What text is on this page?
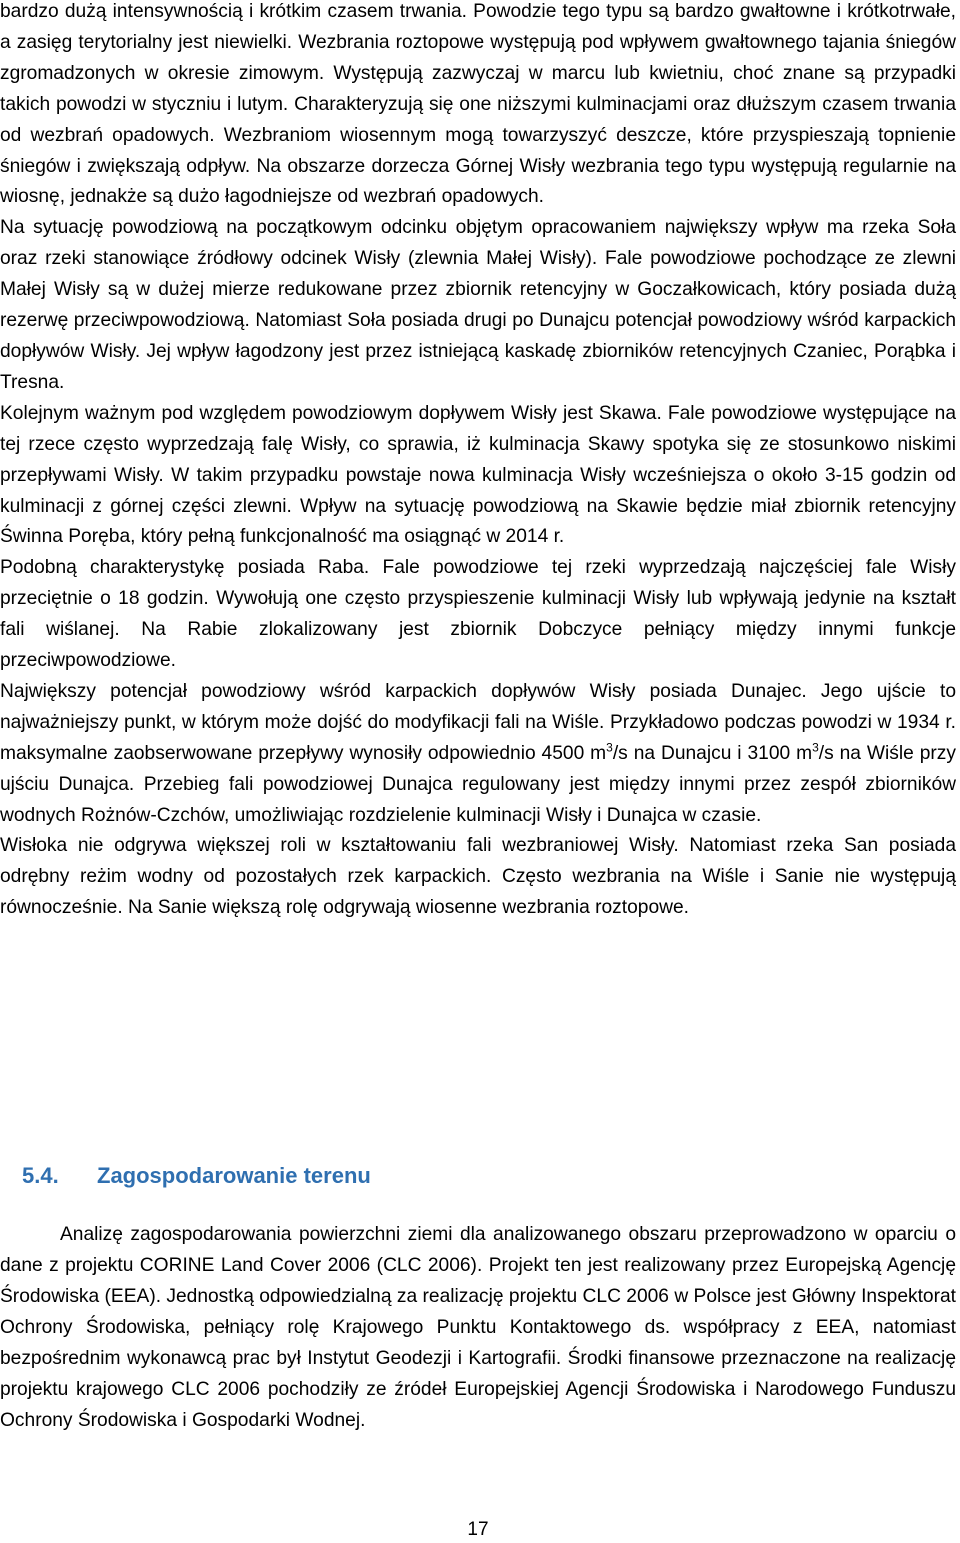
bardzo dużą intensywnością i krótkim czasem trwania. Powodzie tego typu są bardzo gwałtowne i krótkotrwałe, a zasięg terytorialny jest niewielki. Wezbrania roztopowe występują pod wpływem gwałtownego tajania śniegów zgromadzonych w okresie zimowym. Występują zazwyczaj w marcu lub kwietniu, choć znane są przypadki takich powodzi w styczniu i lutym. Charakteryzują się one niższymi kulminacjami oraz dłuższym czasem trwania od wezbrań opadowych. Wezbraniom wiosennym mogą towarzyszyć deszcze, które przyspieszają topnienie śniegów i zwiększają odpływ. Na obszarze dorzecza Górnej Wisły wezbrania tego typu występują regularnie na wiosnę, jednakże są dużo łagodniejsze od wezbrań opadowych.

Na sytuację powodziową na początkowym odcinku objętym opracowaniem największy wpływ ma rzeka Soła oraz rzeki stanowiące źródłowy odcinek Wisły (zlewnia Małej Wisły). Fale powodziowe pochodzące ze zlewni Małej Wisły są w dużej mierze redukowane przez zbiornik retencyjny w Goczałkowicach, który posiada dużą rezerwę przeciwpowodziową. Natomiast Soła posiada drugi po Dunajcu potencjał powodziowy wśród karpackich dopływów Wisły. Jej wpływ łagodzony jest przez istniejącą kaskadę zbiorników retencyjnych Czaniec, Porąbka i Tresna.

Kolejnym ważnym pod względem powodziowym dopływem Wisły jest Skawa. Fale powodziowe występujące na tej rzece często wyprzedzają falę Wisły, co sprawia, iż kulminacja Skawy spotyka się ze stosunkowo niskimi przepływami Wisły. W takim przypadku powstaje nowa kulminacja Wisły wcześniejsza o około 3-15 godzin od kulminacji z górnej części zlewni. Wpływ na sytuację powodziową na Skawie będzie miał zbiornik retencyjny Świnna Poręba, który pełną funkcjonalność ma osiągnąć w 2014 r.

Podobną charakterystykę posiada Raba. Fale powodziowe tej rzeki wyprzedzają najczęściej fale Wisły przeciętnie o 18 godzin. Wywołują one często przyspieszenie kulminacji Wisły lub wpływają jedynie na kształt fali wiślanej. Na Rabie zlokalizowany jest zbiornik Dobczyce pełniący między innymi funkcje przeciwpowodziowe.

Największy potencjał powodziowy wśród karpackich dopływów Wisły posiada Dunajec. Jego ujście to najważniejszy punkt, w którym może dojść do modyfikacji fali na Wiśle. Przykładowo podczas powodzi w 1934 r. maksymalne zaobserwowane przepływy wynosiły odpowiednio 4500 $m^3/s$ na Dunajcu i 3100 $m^3/s$ na Wiśle przy ujściu Dunajca. Przebieg fali powodziowej Dunajca regulowany jest między innymi przez zespół zbiorników wodnych Rożnów-Czchów, umożliwiając rozdzielenie kulminacji Wisły i Dunajca w czasie.

Wisłoka nie odgrywa większej roli w kształtowaniu fali wezbraniowej Wisły. Natomiast rzeka San posiada odrębny reżim wodny od pozostałych rzek karpackich. Często wezbrania na Wiśle i Sanie nie występują równocześnie. Na Sanie większą rolę odgrywają wiosenne wezbrania roztopowe.

5.4. Zagospodarowanie terenu

Analizę zagospodarowania powierzchni ziemi dla analizowanego obszaru przeprowadzono w oparciu o dane z projektu CORINE Land Cover 2006 (CLC 2006). Projekt ten jest realizowany przez Europejską Agencję Środowiska (EEA). Jednostką odpowiedzialną za realizację projektu CLC 2006 w Polsce jest Główny Inspektorat Ochrony Środowiska, pełniący rolę Krajowego Punktu Kontaktowego ds. współpracy z EEA, natomiast bezpośrednim wykonawcą prac był Instytut Geodezji i Kartografii. Środki finansowe przeznaczone na realizację projektu krajowego CLC 2006 pochodziły ze źródeł Europejskiej Agencji Środowiska i Narodowego Funduszu Ochrony Środowiska i Gospodarki Wodnej.

17
